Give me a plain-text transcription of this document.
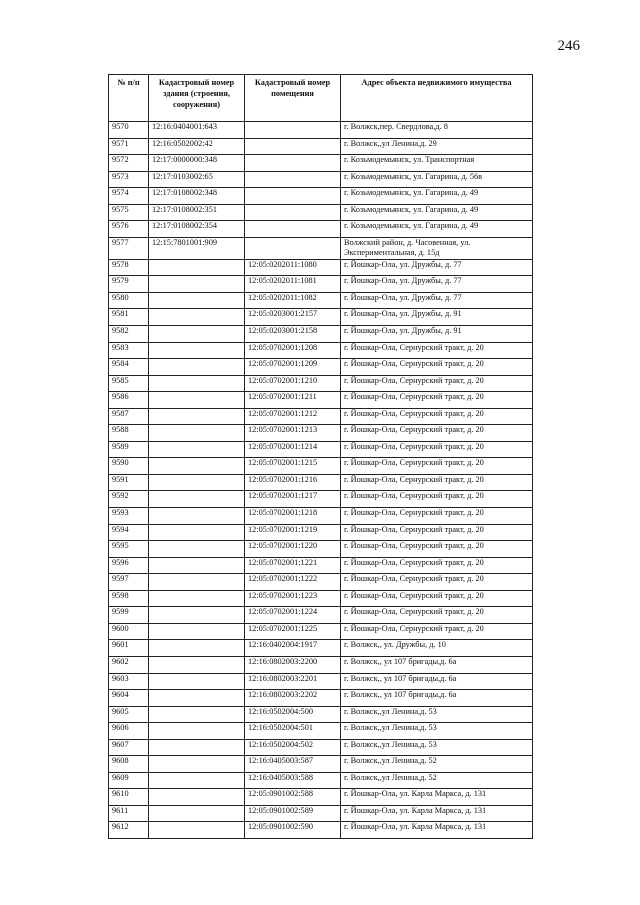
246
№ п/п	Кадастровый номер здания (строения, сооружения)	Кадастровый номер помещения	Адрес объекта недвижимого имущества
9570	12:16:0404001:643		г. Волжск,пер. Свердлова,д. 8
9571	12:16:0502002:42		г. Волжск,,ул Ленина,д. 29
9572	12:17:0000000:348		г. Козьмодемьянск, ул. Транспортная
9573	12:17:0103002:65		г. Козьмодемьянск, ул. Гагарина, д. 56в
9574	12:17:0108002:348		г. Козьмодемьянск, ул. Гагарина, д. 49
9575	12:17:0108002:351		г. Козьмодемьянск, ул. Гагарина, д. 49
9576	12:17:0108002:354		г. Козьмодемьянск, ул. Гагарина, д. 49
9577	12:15:7801001:909		Волжский район, д. Часовенная, ул. Экспериментальная, д. 15д
9578		12:05:0202011:1080	г. Йошкар-Ола, ул. Дружбы, д. 77
9579		12:05:0202011:1081	г. Йошкар-Ола, ул. Дружбы, д. 77
9580		12:05:0202011:1082	г. Йошкар-Ола, ул. Дружбы, д. 77
9581		12:05:0203001:2157	г. Йошкар-Ола, ул. Дружбы, д. 91
9582		12:05:0203001:2158	г. Йошкар-Ола, ул. Дружбы, д. 91
9583		12:05:0702001:1208	г. Йошкар-Ола, Сернурский тракт, д. 20
9584		12:05:0702001:1209	г. Йошкар-Ола, Сернурский тракт, д. 20
9585		12:05:0702001:1210	г. Йошкар-Ола, Сернурский тракт, д. 20
9586		12:05:0702001:1211	г. Йошкар-Ола, Сернурский тракт, д. 20
9587		12:05:0702001:1212	г. Йошкар-Ола, Сернурский тракт, д. 20
9588		12:05:0702001:1213	г. Йошкар-Ола, Сернурский тракт, д. 20
9589		12:05:0702001:1214	г. Йошкар-Ола, Сернурский тракт, д. 20
9590		12:05:0702001:1215	г. Йошкар-Ола, Сернурский тракт, д. 20
9591		12:05:0702001:1216	г. Йошкар-Ола, Сернурский тракт, д. 20
9592		12:05:0702001:1217	г. Йошкар-Ола, Сернурский тракт, д. 20
9593		12:05:0702001:1218	г. Йошкар-Ола, Сернурский тракт, д. 20
9594		12:05:0702001:1219	г. Йошкар-Ола, Сернурский тракт, д. 20
9595		12:05:0702001:1220	г. Йошкар-Ола, Сернурский тракт, д. 20
9596		12:05:0702001:1221	г. Йошкар-Ола, Сернурский тракт, д. 20
9597		12:05:0702001:1222	г. Йошкар-Ола, Сернурский тракт, д. 20
9598		12:05:0702001:1223	г. Йошкар-Ола, Сернурский тракт, д. 20
9599		12:05:0702001:1224	г. Йошкар-Ола, Сернурский тракт, д. 20
9600		12:05:0702001:1225	г. Йошкар-Ола, Сернурский тракт, д. 20
9601		12:16:0402004:1917	г. Волжск,, ул. Дружбы, д. 10
9602		12:16:0802003:2200	г. Волжск,, ул 107 бригады,д. 6а
9603		12:16:0802003:2201	г. Волжск,, ул 107 бригады,д. 6а
9604		12:16:0802003:2202	г. Волжск,, ул 107 бригады,д. 6а
9605		12:16:0502004:500	г. Волжск,,ул Ленина,д. 53
9606		12:16:0502004:501	г. Волжск,,ул Ленина,д. 53
9607		12:16:0502004:502	г. Волжск,,ул Ленина,д. 53
9608		12:16:0405003:587	г. Волжск,,ул Ленина,д. 52
9609		12:16:0405003:588	г. Волжск,,ул Ленина,д. 52
9610		12:05:0901002:588	г. Йошкар-Ола, ул. Карла Маркса, д. 131
9611		12:05:0901002:589	г. Йошкар-Ола, ул. Карла Маркса, д. 131
9612		12:05:0901002:590	г. Йошкар-Ола, ул. Карла Маркса, д. 131
